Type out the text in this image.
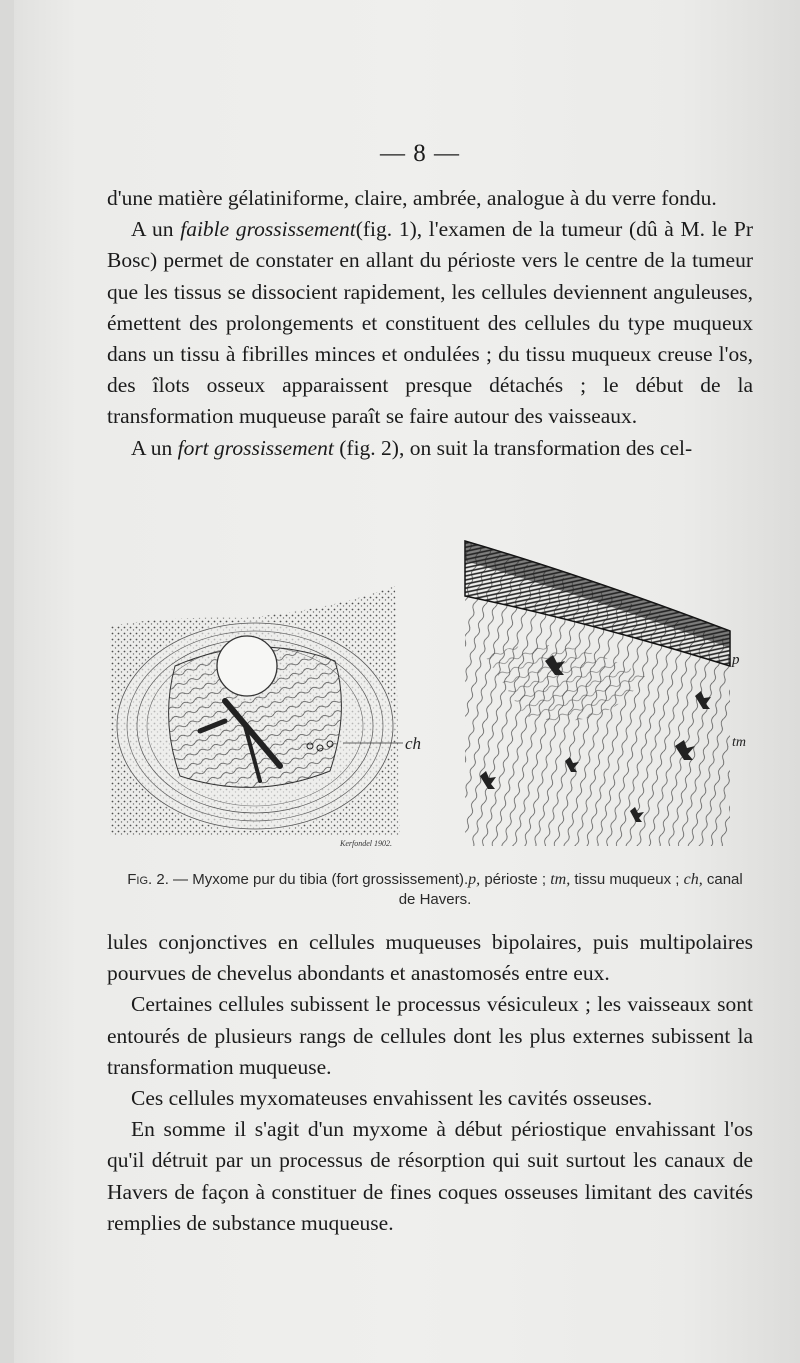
— 8 —

d'une matière gélatiniforme, claire, ambrée, analogue à du verre fondu.

A un faible grossissement(fig. 1), l'examen de la tumeur (dû à M. le Pr Bosc) permet de constater en allant du périoste vers le centre de la tumeur que les tissus se dissocient rapidement, les cellules deviennent anguleuses, émettent des prolongements et constituent des cellules du type muqueux dans un tissu à fibrilles minces et ondulées ; du tissu muqueux creuse l'os, des îlots osseux apparaissent presque détachés ; le début de la transformation muqueuse paraît se faire autour des vaisseaux.

A un fort grossissement (fig. 2), on suit la transformation des cel-

ch
Kerfondel 1902.
p
tm
Fig. 2. — Myxome pur du tibia (fort grossissement).p, périoste ; tm, tissu muqueux ; ch, canal de Havers.

lules conjonctives en cellules muqueuses bipolaires, puis multipolaires pourvues de chevelus abondants et anastomosés entre eux.

Certaines cellules subissent le processus vésiculeux ; les vaisseaux sont entourés de plusieurs rangs de cellules dont les plus externes subissent la transformation muqueuse.

Ces cellules myxomateuses envahissent les cavités osseuses.

En somme il s'agit d'un myxome à début périostique envahissant l'os qu'il détruit par un processus de résorption qui suit surtout les canaux de Havers de façon à constituer de fines coques osseuses limitant des cavités remplies de substance muqueuse.
